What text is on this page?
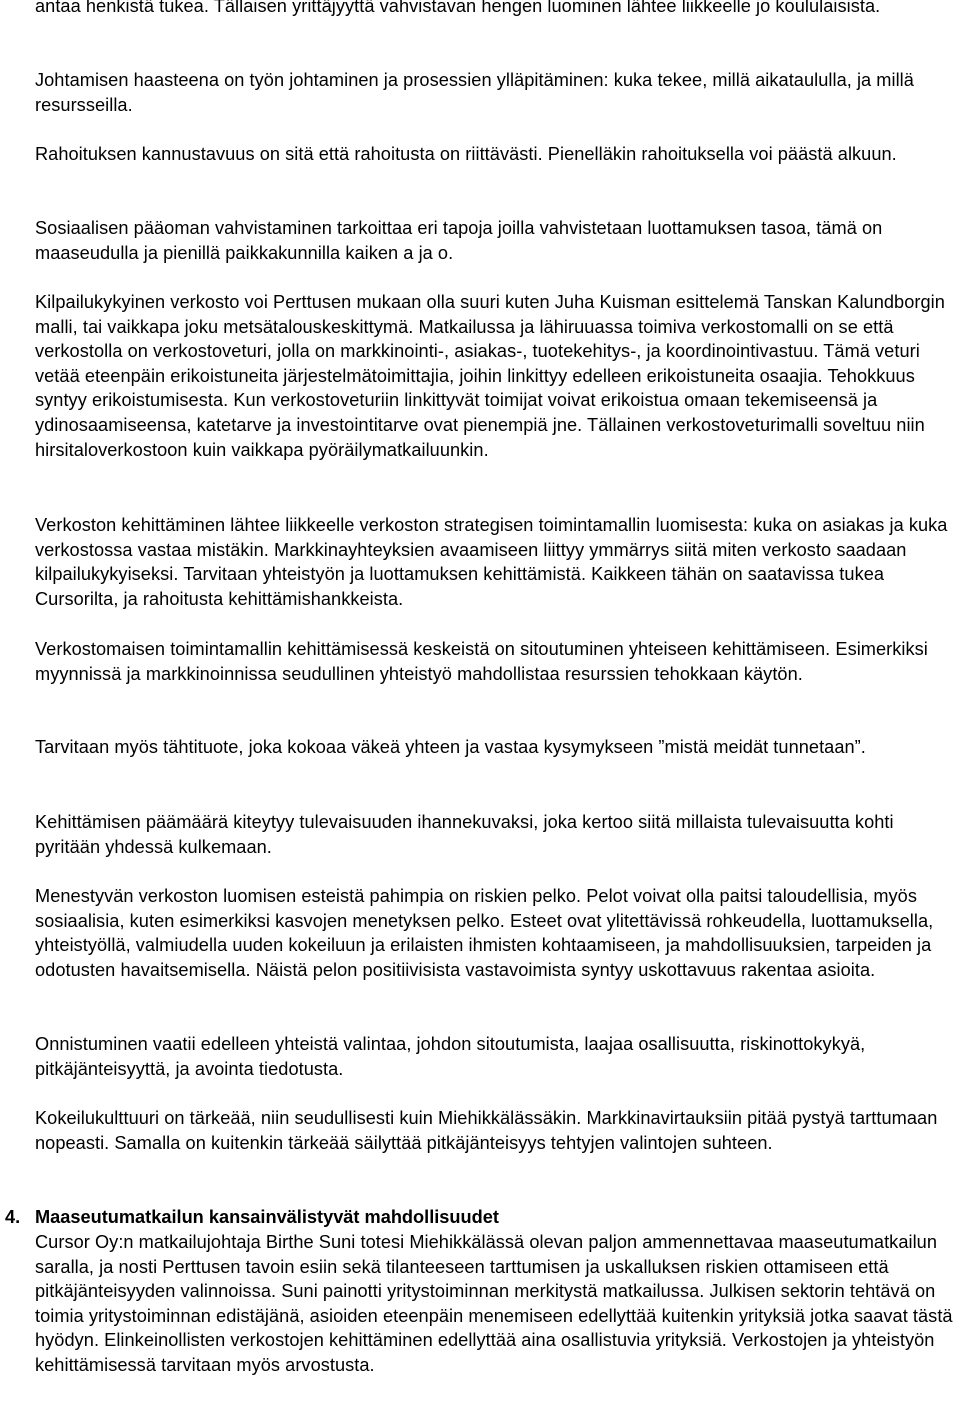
antaa henkistä tukea. Tällaisen yrittäjyyttä vahvistavan hengen luominen lähtee liikkeelle jo koululaisista.

Johtamisen haasteena on työn johtaminen ja prosessien ylläpitäminen: kuka tekee, millä aikataululla, ja millä resursseilla.

Rahoituksen kannustavuus on sitä että rahoitusta on riittävästi. Pienelläkin rahoituksella voi päästä alkuun.

Sosiaalisen pääoman vahvistaminen tarkoittaa eri tapoja joilla vahvistetaan luottamuksen tasoa, tämä on maaseudulla ja pienillä paikkakunnilla kaiken a ja o.

Kilpailukykyinen verkosto voi Perttusen mukaan olla suuri kuten Juha Kuisman esittelemä Tanskan Kalundborgin malli, tai vaikkapa joku metsätalouskeskittymä. Matkailussa ja lähiruuassa toimiva verkostomalli on se että verkostolla on verkostoveturi, jolla on markkinointi-, asiakas-, tuotekehitys-, ja koordinointivastuu. Tämä veturi vetää eteenpäin erikoistuneita järjestelmätoimittajia, joihin linkittyy edelleen erikoistuneita osaajia. Tehokkuus syntyy erikoistumisesta. Kun verkostoveturiin linkittyvät toimijat voivat erikoistua omaan tekemiseensä ja ydinosaamiseensa, katetarve ja investointitarve ovat pienempiä jne. Tällainen verkostoveturimalli soveltuu niin hirsitaloverkostoon kuin vaikkapa pyöräilymatkailuunkin.

Verkoston kehittäminen lähtee liikkeelle verkoston strategisen toimintamallin luomisesta: kuka on asiakas ja kuka verkostossa vastaa mistäkin. Markkinayhteyksien avaamiseen liittyy ymmärrys siitä miten verkosto saadaan kilpailukykyiseksi. Tarvitaan yhteistyön ja luottamuksen kehittämistä. Kaikkeen tähän on saatavissa tukea Cursorilta, ja rahoitusta kehittämishankkeista.

Verkostomaisen toimintamallin kehittämisessä keskeistä on sitoutuminen yhteiseen kehittämiseen. Esimerkiksi myynnissä ja markkinoinnissa seudullinen yhteistyö mahdollistaa resurssien tehokkaan käytön.

Tarvitaan myös tähtituote, joka kokoaa väkeä yhteen ja vastaa kysymykseen ”mistä meidät tunnetaan”.

Kehittämisen päämäärä kiteytyy tulevaisuuden ihannekuvaksi, joka kertoo siitä millaista tulevaisuutta kohti pyritään yhdessä kulkemaan.

Menestyvän verkoston luomisen esteistä pahimpia on riskien pelko. Pelot voivat olla paitsi taloudellisia, myös sosiaalisia, kuten esimerkiksi kasvojen menetyksen pelko. Esteet ovat ylitettävissä rohkeudella, luottamuksella, yhteistyöllä, valmiudella uuden kokeiluun ja erilaisten ihmisten kohtaamiseen, ja mahdollisuuksien, tarpeiden ja odotusten havaitsemisella. Näistä pelon positiivisista vastavoimista syntyy uskottavuus rakentaa asioita.

Onnistuminen vaatii edelleen yhteistä valintaa, johdon sitoutumista, laajaa osallisuutta, riskinottokykyä, pitkäjänteisyyttä, ja avointa tiedotusta.

Kokeilukulttuuri on tärkeää, niin seudullisesti kuin Miehikkälässäkin. Markkinavirtauksiin pitää pystyä tarttumaan nopeasti. Samalla on kuitenkin tärkeää säilyttää pitkäjänteisyys tehtyjen valintojen suhteen.

4. Maaseutumatkailun kansainvälistyvät mahdollisuudet

Cursor Oy:n matkailujohtaja Birthe Suni totesi Miehikkälässä olevan paljon ammennettavaa maaseutumatkailun saralla, ja nosti Perttusen tavoin esiin sekä tilanteeseen tarttumisen ja uskalluksen riskien ottamiseen että pitkäjänteisyyden valinnoissa. Suni painotti yritystoiminnan merkitystä matkailussa. Julkisen sektorin tehtävä on toimia yritystoiminnan edistäjänä, asioiden eteenpäin menemiseen edellyttää kuitenkin yrityksiä jotka saavat tästä hyödyn. Elinkeinollisten verkostojen kehittäminen edellyttää aina osallistuvia yrityksiä. Verkostojen ja yhteistyön kehittämisessä tarvitaan myös arvostusta.
